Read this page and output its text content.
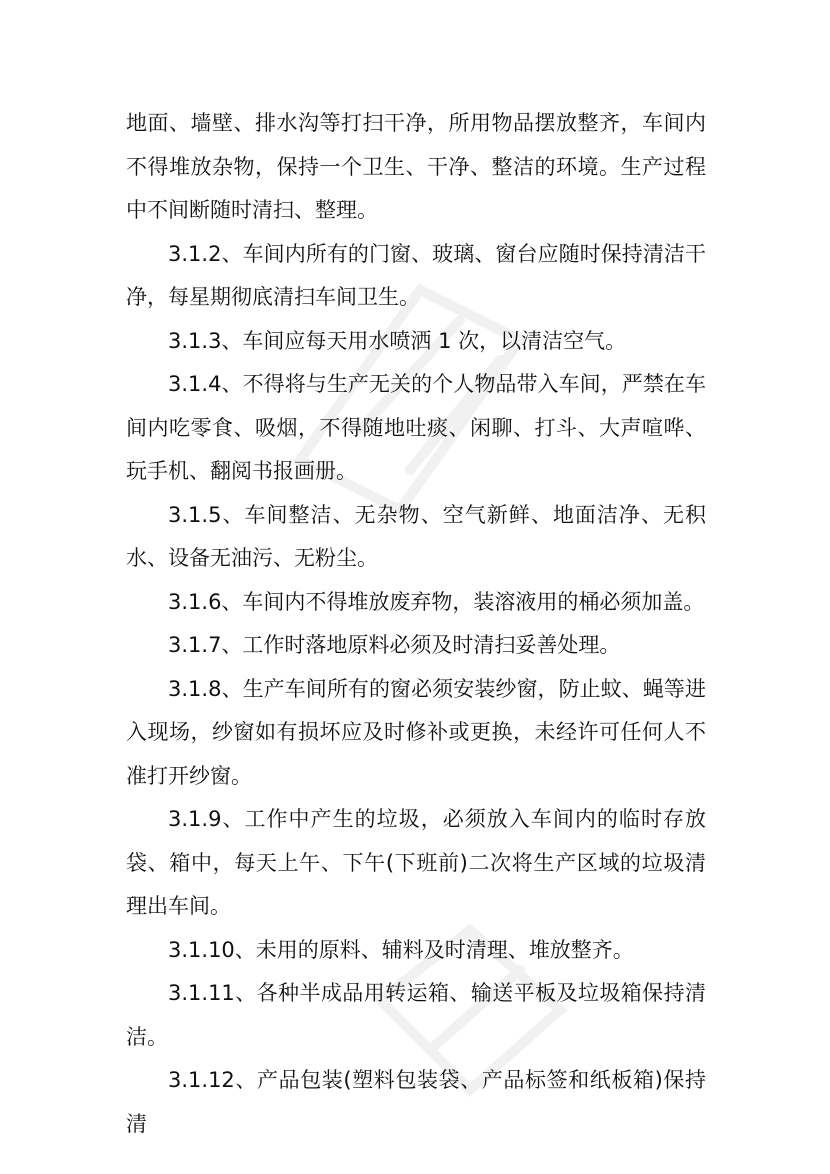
地面、墙壁、排水沟等打扫干净，所用物品摆放整齐，车间内不得堆放杂物，保持一个卫生、干净、整洁的环境。生产过程中不间断随时清扫、整理。

3.1.2、车间内所有的门窗、玻璃、窗台应随时保持清洁干净，每星期彻底清扫车间卫生。

3.1.3、车间应每天用水喷洒 1 次，以清洁空气。

3.1.4、不得将与生产无关的个人物品带入车间，严禁在车间内吃零食、吸烟，不得随地吐痰、闲聊、打斗、大声喧哗、玩手机、翻阅书报画册。

3.1.5、车间整洁、无杂物、空气新鲜、地面洁净、无积水、设备无油污、无粉尘。

3.1.6、车间内不得堆放废弃物，装溶液用的桶必须加盖。

3.1.7、工作时落地原料必须及时清扫妥善处理。

3.1.8、生产车间所有的窗必须安装纱窗，防止蚊、蝇等进入现场，纱窗如有损坏应及时修补或更换，未经许可任何人不准打开纱窗。

3.1.9、工作中产生的垃圾，必须放入车间内的临时存放袋、箱中，每天上午、下午(下班前)二次将生产区域的垃圾清理出车间。

3.1.10、未用的原料、辅料及时清理、堆放整齐。

3.1.11、各种半成品用转运箱、输送平板及垃圾箱保持清洁。

3.1.12、产品包装(塑料包装袋、产品标签和纸板箱)保持清
